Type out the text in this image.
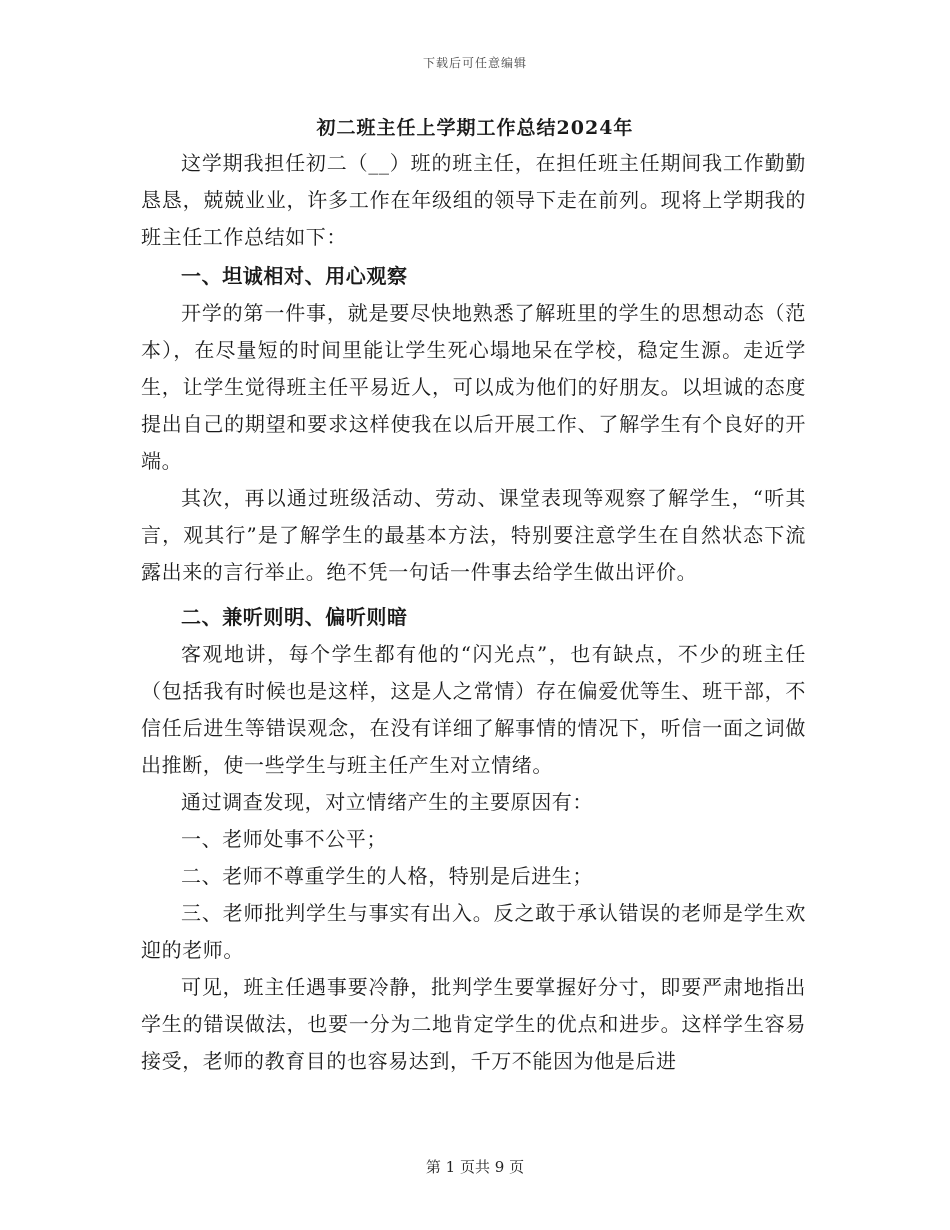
下载后可任意编辑
初二班主任上学期工作总结2024年

这学期我担任初二（__）班的班主任，在担任班主任期间我工作勤勤恳恳，兢兢业业，许多工作在年级组的领导下走在前列。现将上学期我的班主任工作总结如下：

一、坦诚相对、用心观察

开学的第一件事，就是要尽快地熟悉了解班里的学生的思想动态（范本），在尽量短的时间里能让学生死心塌地呆在学校，稳定生源。走近学生，让学生觉得班主任平易近人，可以成为他们的好朋友。以坦诚的态度提出自己的期望和要求这样使我在以后开展工作、了解学生有个良好的开端。

其次，再以通过班级活动、劳动、课堂表现等观察了解学生，“听其言，观其行”是了解学生的最基本方法，特别要注意学生在自然状态下流露出来的言行举止。绝不凭一句话一件事去给学生做出评价。

二、兼听则明、偏听则暗

客观地讲，每个学生都有他的“闪光点”，也有缺点，不少的班主任（包括我有时候也是这样，这是人之常情）存在偏爱优等生、班干部，不信任后进生等错误观念，在没有详细了解事情的情况下，听信一面之词做出推断，使一些学生与班主任产生对立情绪。

通过调查发现，对立情绪产生的主要原因有：

一、老师处事不公平；

二、老师不尊重学生的人格，特别是后进生；

三、老师批判学生与事实有出入。反之敢于承认错误的老师是学生欢迎的老师。

可见，班主任遇事要冷静，批判学生要掌握好分寸，即要严肃地指出学生的错误做法，也要一分为二地肯定学生的优点和进步。这样学生容易接受，老师的教育目的也容易达到，千万不能因为他是后进

第 1 页共 9 页
